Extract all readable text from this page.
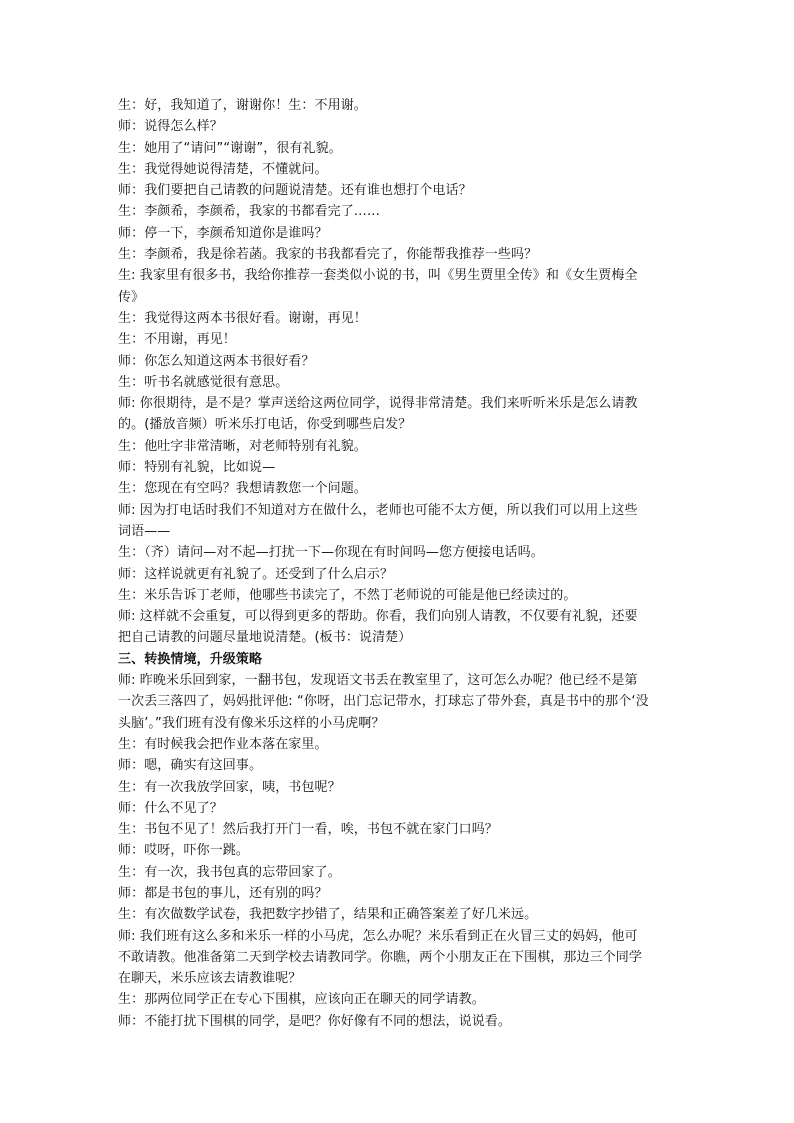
生：好，我知道了，谢谢你！生：不用谢。
师：说得怎么样？
生：她用了“请问”“谢谢”，很有礼貌。
生：我觉得她说得清楚，不懂就问。
师：我们要把自己请教的问题说清楚。还有谁也想打个电话？
生：李颜希，李颜希，我家的书都看完了……
师：停一下，李颜希知道你是谁吗？
生：李颜希，我是徐若菡。我家的书我都看完了，你能帮我推荐一些吗？
生: 我家里有很多书，我给你推荐一套类似小说的书，叫《男生贾里全传》和《女生贾梅全
传》
生：我觉得这两本书很好看。谢谢，再见！
生：不用谢，再见！
师：你怎么知道这两本书很好看？
生：听书名就感觉很有意思。
师: 你很期待，是不是？掌声送给这两位同学，说得非常清楚。我们来听听米乐是怎么请教
的。(播放音频）听米乐打电话，你受到哪些启发？
生：他吐字非常清晰，对老师特别有礼貌。
师：特别有礼貌，比如说—
生：您现在有空吗？我想请教您一个问题。
师: 因为打电话时我们不知道对方在做什么，老师也可能不太方便，所以我们可以用上这些
词语——
生：（齐）请问—对不起—打扰一下—你现在有时间吗—您方便接电话吗。
师：这样说就更有礼貌了。还受到了什么启示？
生：米乐告诉丁老师，他哪些书读完了，不然丁老师说的可能是他已经读过的。
师: 这样就不会重复，可以得到更多的帮助。你看，我们向别人请教，不仅要有礼貌，还要
把自己请教的问题尽量地说清楚。(板书：说清楚）
三、转换情境，升级策略
师: 昨晚米乐回到家，一翻书包，发现语文书丢在教室里了，这可怎么办呢？他已经不是第
一次丢三落四了，妈妈批评他: “你呀，出门忘记带水，打球忘了带外套，真是书中的那个‘没
头脑’。”我们班有没有像米乐这样的小马虎啊？
生：有时候我会把作业本落在家里。
师：嗯，确实有这回事。
生：有一次我放学回家，咦，书包呢？
师：什么不见了？
生：书包不见了！然后我打开门一看，唉，书包不就在家门口吗？
师：哎呀，吓你一跳。
生：有一次，我书包真的忘带回家了。
师：都是书包的事儿，还有别的吗？
生：有次做数学试卷，我把数字抄错了，结果和正确答案差了好几米远。
师: 我们班有这么多和米乐一样的小马虎，怎么办呢？米乐看到正在火冒三丈的妈妈，他可
不敢请教。他准备第二天到学校去请教同学。你瞧，两个小朋友正在下围棋，那边三个同学
在聊天，米乐应该去请教谁呢？
生：那两位同学正在专心下围棋，应该向正在聊天的同学请教。
师：不能打扰下围棋的同学，是吧？你好像有不同的想法，说说看。
